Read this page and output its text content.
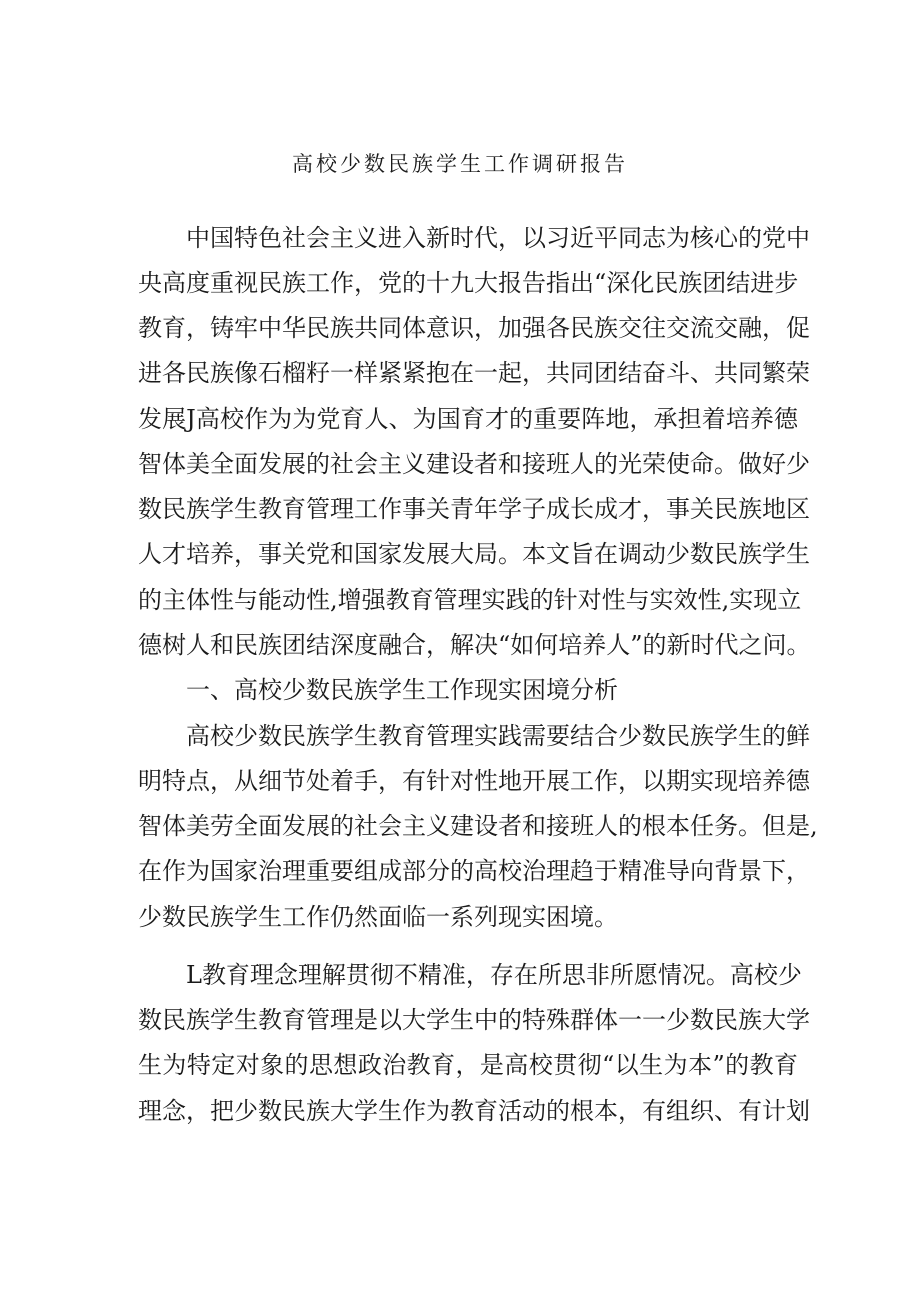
高校少数民族学生工作调研报告
中国特色社会主义进入新时代，以习近平同志为核心的党中
央高度重视民族工作，党的十九大报告指出“深化民族团结进步
教育，铸牢中华民族共同体意识，加强各民族交往交流交融，促
进各民族像石榴籽一样紧紧抱在一起，共同团结奋斗、共同繁荣
发展J高校作为为党育人、为国育才的重要阵地，承担着培养德
智体美全面发展的社会主义建设者和接班人的光荣使命。做好少
数民族学生教育管理工作事关青年学子成长成才，事关民族地区
人才培养，事关党和国家发展大局。本文旨在调动少数民族学生
的主体性与能动性,增强教育管理实践的针对性与实效性,实现立
德树人和民族团结深度融合，解决“如何培养人”的新时代之问。
一、高校少数民族学生工作现实困境分析
高校少数民族学生教育管理实践需要结合少数民族学生的鲜
明特点，从细节处着手，有针对性地开展工作，以期实现培养德
智体美劳全面发展的社会主义建设者和接班人的根本任务。但是,
在作为国家治理重要组成部分的高校治理趋于精准导向背景下，
少数民族学生工作仍然面临一系列现实困境。
L教育理念理解贯彻不精准，存在所思非所愿情况。高校少
数民族学生教育管理是以大学生中的特殊群体一一少数民族大学
生为特定对象的思想政治教育，是高校贯彻“以生为本”的教育
理念，把少数民族大学生作为教育活动的根本，有组织、有计划
